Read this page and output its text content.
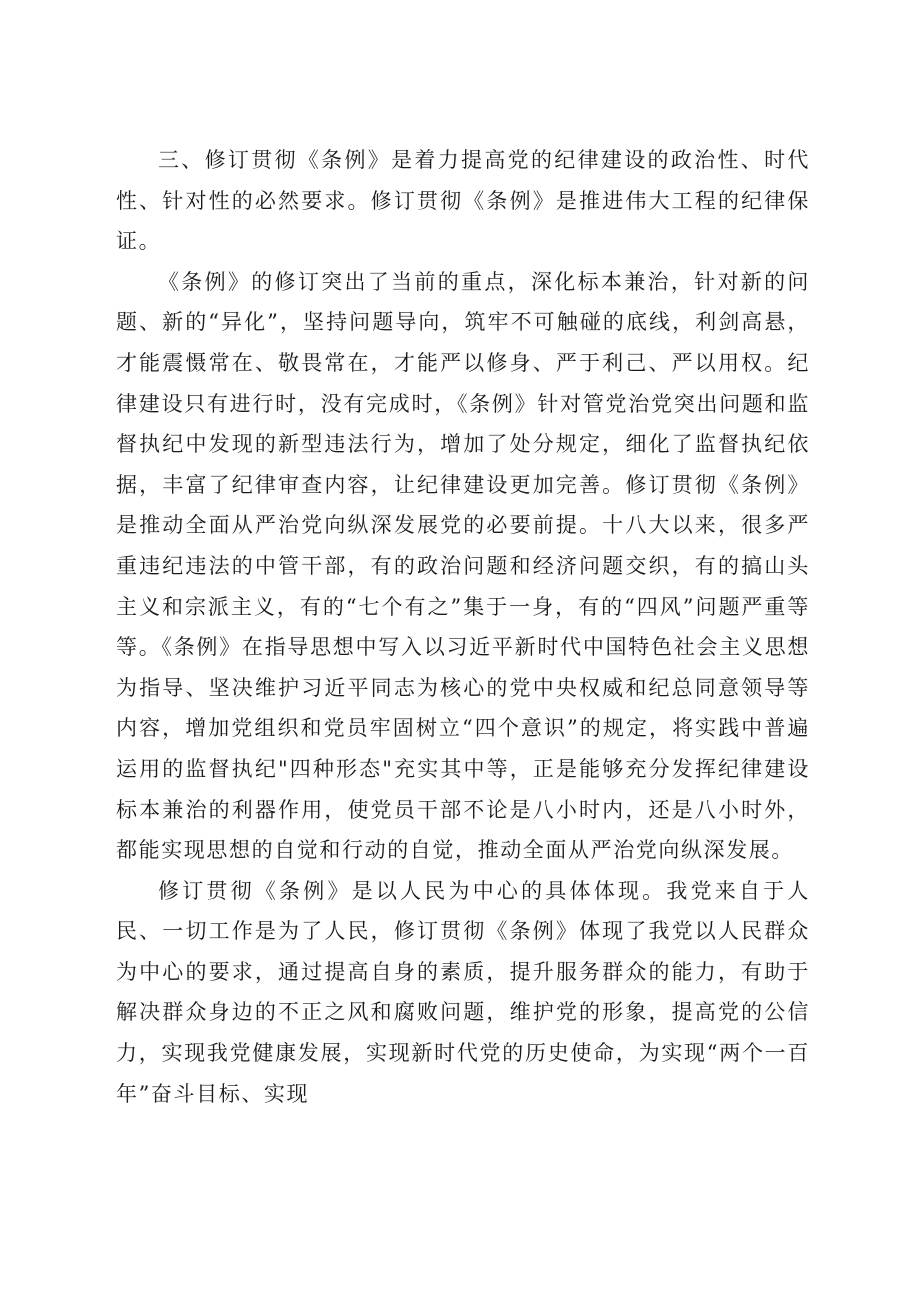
三、修订贯彻《条例》是着力提高党的纪律建设的政治性、时代性、针对性的必然要求。修订贯彻《条例》是推进伟大工程的纪律保证。

《条例》的修订突出了当前的重点，深化标本兼治，针对新的问题、新的“异化”，坚持问题导向，筑牢不可触碰的底线，利剑高悬，才能震慑常在、敬畏常在，才能严以修身、严于利己、严以用权。纪律建设只有进行时，没有完成时，《条例》针对管党治党突出问题和监督执纪中发现的新型违法行为，增加了处分规定，细化了监督执纪依据，丰富了纪律审查内容，让纪律建设更加完善。修订贯彻《条例》是推动全面从严治党向纵深发展党的必要前提。十八大以来，很多严重违纪违法的中管干部，有的政治问题和经济问题交织，有的搞山头主义和宗派主义，有的“七个有之”集于一身，有的“四风”问题严重等等。《条例》在指导思想中写入以习近平新时代中国特色社会主义思想为指导、坚决维护习近平同志为核心的党中央权威和纪总同意领导等内容，增加党组织和党员牢固树立“四个意识”的规定，将实践中普遍运用的监督执纪"四种形态"充实其中等，正是能够充分发挥纪律建设标本兼治的利器作用，使党员干部不论是八小时内，还是八小时外，都能实现思想的自觉和行动的自觉，推动全面从严治党向纵深发展。

修订贯彻《条例》是以人民为中心的具体体现。我党来自于人民、一切工作是为了人民，修订贯彻《条例》体现了我党以人民群众为中心的要求，通过提高自身的素质，提升服务群众的能力，有助于解决群众身边的不正之风和腐败问题，维护党的形象，提高党的公信力，实现我党健康发展，实现新时代党的历史使命，为实现“两个一百年”奋斗目标、实现
